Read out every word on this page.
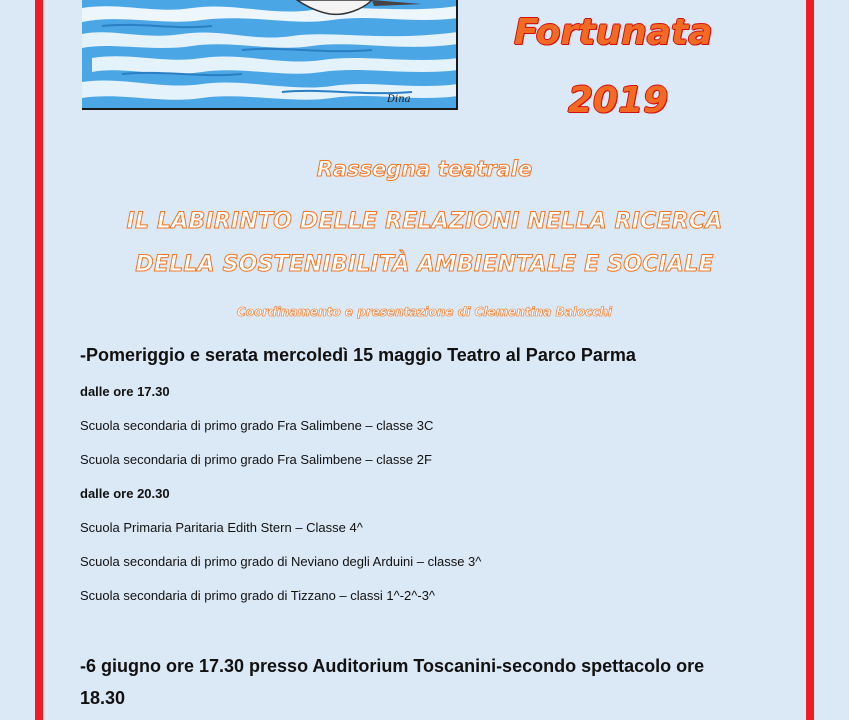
Dina
Fortunata
2019
Rassegna teatrale
IL LABIRINTO DELLE RELAZIONI NELLA RICERCA
DELLA SOSTENIBILITÀ AMBIENTALE E SOCIALE
Coordinamento e presentazione di Clementina Balocchi
-Pomeriggio e serata mercoledì 15 maggio Teatro al Parco Parma
dalle ore 17.30
Scuola secondaria di primo grado Fra Salimbene – classe 3C
Scuola secondaria di primo grado Fra Salimbene – classe 2F
dalle ore 20.30
Scuola Primaria Paritaria Edith Stern – Classe 4^
Scuola secondaria di primo grado di Neviano degli Arduini – classe 3^
Scuola secondaria di primo grado di Tizzano – classi 1^-2^-3^
-6 giugno ore 17.30 presso Auditorium Toscanini-secondo spettacolo ore
18.30
